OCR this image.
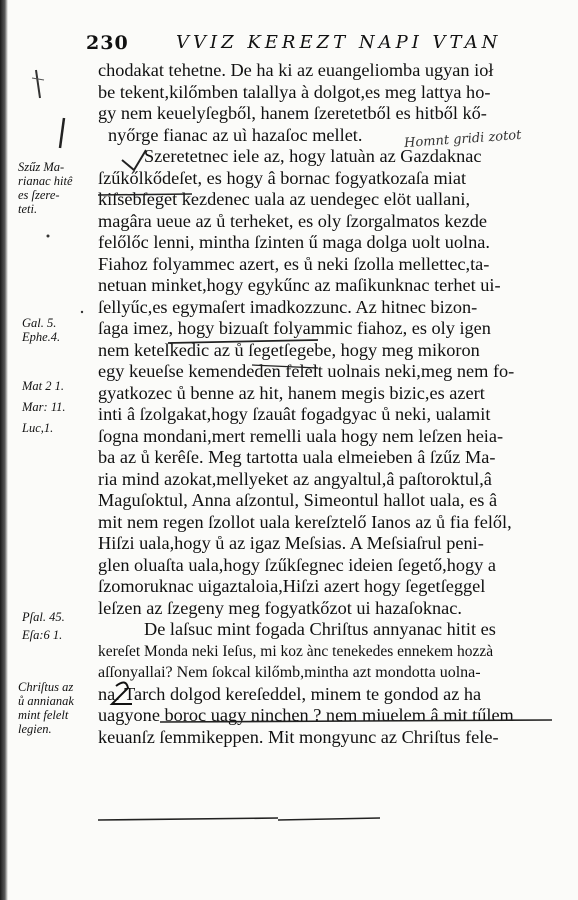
230	VVIZ KEREZT NAPI VTAN
chodakat tehetne. De ha ki az euangeliomba ugyan ioł
be tekent,kilőmben talallya à dolgot,es meg lattya ho-
gy nem keuelyſegből, hanem ſzeretetből es hitből kő-
nyőrge fianac az uì hazaſoc mellet.
Szeretetnec iele az, hogy latuàn az Gazdaknac
ſzűkőlkődeſet, es hogy â bornac fogyatkozaſa miat
kiſsebſeget kezdenec uala az uendegec elöt uallani,
magâra ueue az ů terheket, es oly ſzorgalmatos kezde
felőlőc lenni, mintha ſzinten ű maga dolga uolt uolna.
Fiahoz folyammec azert, es ů neki ſzolla mellettec,ta-
netuan minket,hogy egykűnc az maſikunknac terhet ui-
ſellyűc,es egymaſert imadkozzunc. Az hitnec bizon-
ſaga imez, hogy bizuaſt folyammic fiahoz, es oly igen
nem ketelkedic az ů ſegetſegebe, hogy meg mikoron
egy keueſse kemendeden felelt uolnais neki,meg nem fo-
gyatkozec ů benne az hit, hanem megis bizic,es azert
inti â ſzolgakat,hogy ſzauât fogadgyac ů neki, ualamit
ſogna mondani,mert remelli uala hogy nem leſzen heia-
ba az ů kerêſe. Meg tartotta uala elmeieben â ſzűz Ma-
ria mind azokat,mellyeket az angyaltul,â paſtoroktul,â
Maguſoktul, Anna aſzontul, Simeontul hallot uala, es â
mit nem regen ſzollot uala kereſztelő Ianos az ů fia felől,
Hiſzi uala,hogy ů az igaz Meſsias. A Meſsiaſrul peni-
glen oluaſta uala,hogy ſzűkſegnec ideien ſegető,hogy a
ſzomoruknac uigaztaloia,Hiſzi azert hogy ſegetſeggel
leſzen az ſzegeny meg fogyatkőzot ui hazaſoknac.
De laſsuc mint fogada Chriſtus annyanac hitit es
kereſet Monda neki Ieſus, mi koz ànc tenekedes ennekem hozzà
aſſonyallai? Nem ſokcal kilőmb,mintha azt mondotta uolna-
na. Tarch dolgod kereſeddel, minem te gondod az ha
uagyone boroc uagy ninchen ? nem miuelem â mit tűlem
keuanſz ſemmikeppen. Mit mongyunc az Chriſtus fele-
Szűz Ma-
rianac hitê
es ſzere-
teti.
Gal. 5.
Ephe.4.
Mat 2 1.
Mar: 11.
Luc,1.
Pſal. 45.
Eſa:6 1.
Chriſtus az
ů annianak
mint felelt
legien.
Homnt gridi zotot
